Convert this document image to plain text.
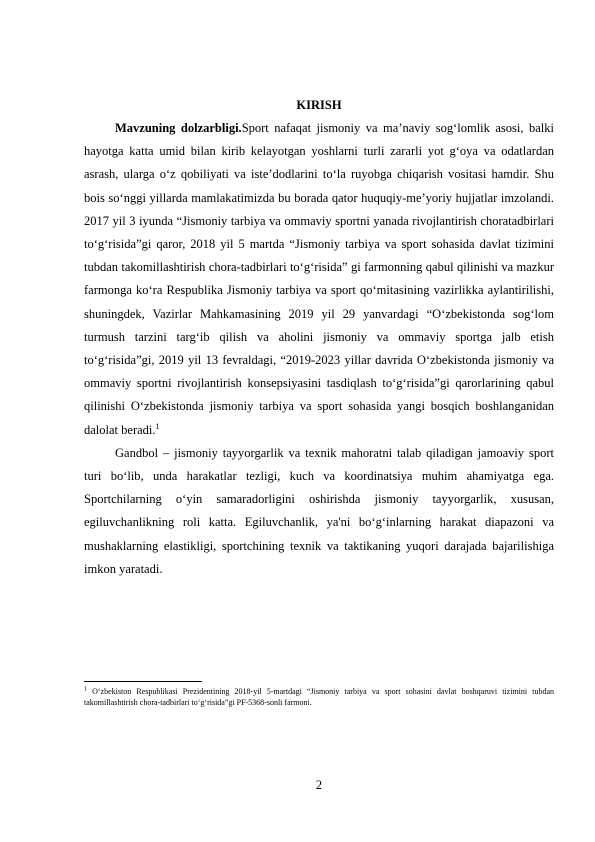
KIRISH

Mavzuning dolzarbligi.Sport nafaqat jismoniy va ma’naviy sog‘lomlik asosi, balki hayotga katta umid bilan kirib kelayotgan yoshlarni turli zararli yot g‘oya va odatlardan asrash, ularga o‘z qobiliyati va iste’dodlarini to‘la ruyobga chiqarish vositasi hamdir. Shu bois so‘nggi yillarda mamlakatimizda bu borada qator huquqiy-me’yoriy hujjatlar imzolandi. 2017 yil 3 iyunda “Jismoniy tarbiya va ommaviy sportni yanada rivojlantirish choratadbirlari to‘g‘risida”gi qaror, 2018 yil 5 martda “Jismoniy tarbiya va sport sohasida davlat tizimini tubdan takomillashtirish chora-tadbirlari to‘g‘risida” gi farmonning qabul qilinishi va mazkur farmonga ko‘ra Respublika Jismoniy tarbiya va sport qo‘mitasining vazirlikka aylantirilishi, shuningdek, Vazirlar Mahkamasining 2019 yil 29 yanvardagi “O‘zbekistonda sog‘lom turmush tarzini targ‘ib qilish va aholini jismoniy va ommaviy sportga jalb etish to‘g‘risida”gi, 2019 yil 13 fevraldagi, “2019-2023 yillar davrida O‘zbekistonda jismoniy va ommaviy sportni rivojlantirish konsepsiyasini tasdiqlash to‘g‘risida”gi qarorlarining qabul qilinishi O‘zbekistonda jismoniy tarbiya va sport sohasida yangi bosqich boshlanganidan dalolat beradi.$^1$

Gandbol – jismoniy tayyorgarlik va texnik mahoratni talab qiladigan jamoaviy sport turi bo‘lib, unda harakatlar tezligi, kuch va koordinatsiya muhim ahamiyatga ega. Sportchilarning o‘yin samaradorligini oshirishda jismoniy tayyorgarlik, xususan, egiluvchanlikning roli katta. Egiluvchanlik, ya'ni bo‘g‘inlarning harakat diapazoni va mushaklarning elastikligi, sportchining texnik va taktikaning yuqori darajada bajarilishiga imkon yaratadi.

$^1$ O‘zbekiston Respublikasi Prezidentining 2018-yil 5-martdagi “Jismoniy tarbiya va sport sohasini davlat boshqaruvi tizimini tubdan takomillashtirish chora-tadbirlari to‘g‘risida”gi PF-5368-sonli farmoni.
2
